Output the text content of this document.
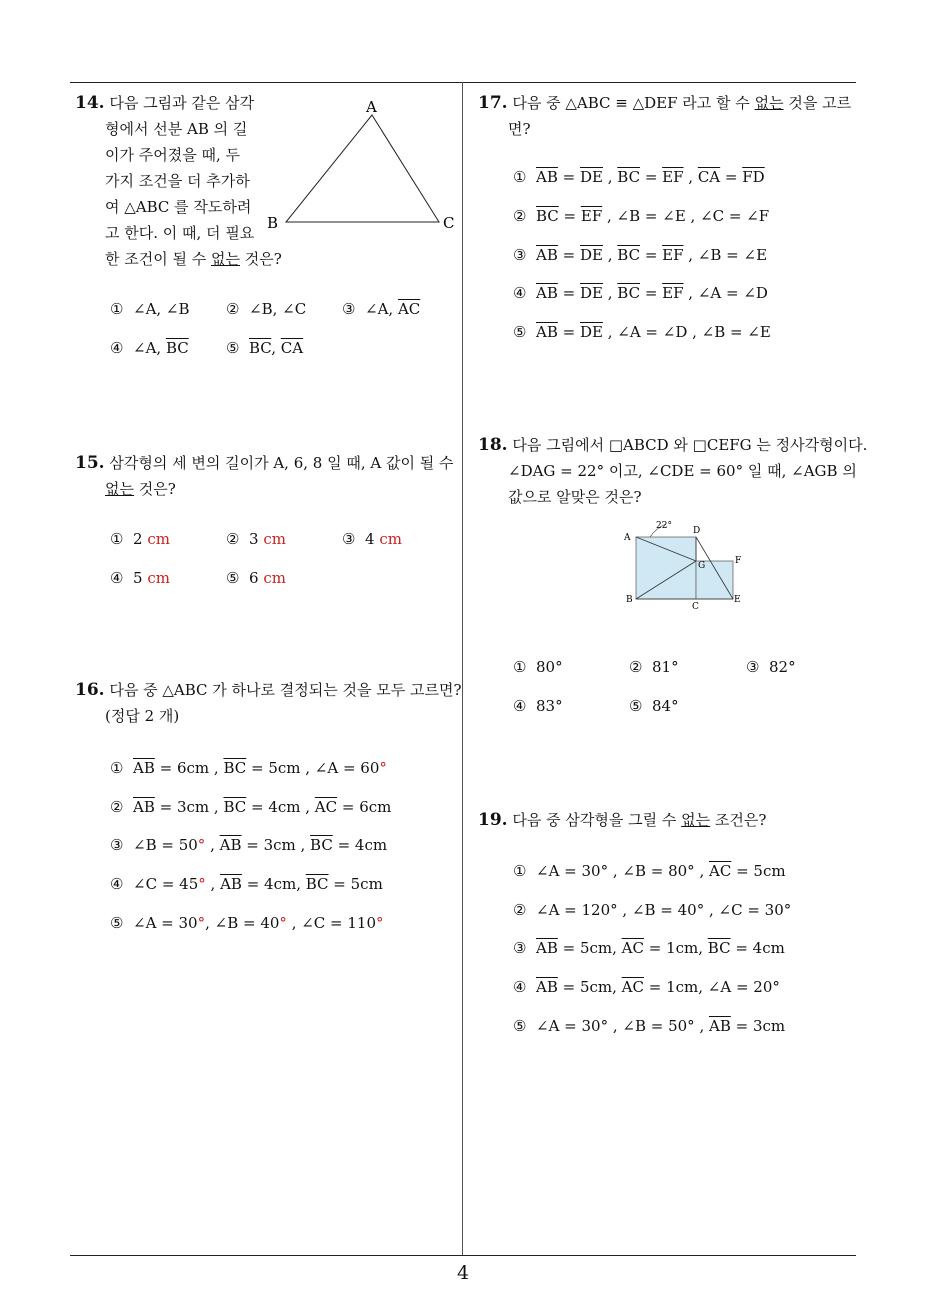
4
14. 다음 그림과 같은 삼각
형에서 선분 AB 의 길
이가 주어졌을 때, 두
가지 조건을 더 추가하
여 △ABC 를 작도하려
고 한다. 이 때, 더 필요
한 조건이 될 수 없는 것은?
A
B	C
① ∠A, ∠B ② ∠B, ∠C ③ ∠A, $\overline{AC}$
④ ∠A, $\overline{BC}$ ⑤ $\overline{BC}$, $\overline{CA}$
15. 삼각형의 세 변의 길이가 A, 6, 8 일 때, A 값이 될 수
없는 것은?
① 2 cm	② 3 cm	③ 4 cm
④ 5 cm	⑤ 6 cm
16. 다음 중 △ABC 가 하나로 결정되는 것을 모두 고르면?
(정답 2 개)
① $\overline{AB} = 6cm$ , $\overline{BC} = 5cm$ , ∠A = 60°
② $\overline{AB} = 3cm$ , $\overline{BC} = 4cm$ , $\overline{AC} = 6cm$
③ ∠B = 50° , $\overline{AB} = 3cm$ , $\overline{BC} = 4cm$
④ ∠C = 45° , $\overline{AB} = 4cm$, $\overline{BC} = 5cm$
⑤ ∠A = 30°, ∠B = 40° , ∠C = 110°
17. 다음 중 △ABC ≡ △DEF 라고 할 수 없는 것을 고르
면?
① $\overline{AB} = \overline{DE}$ , $\overline{BC} = \overline{EF}$ , $\overline{CA} = \overline{FD}$
② $\overline{BC} = \overline{EF}$ , ∠B = ∠E , ∠C = ∠F
③ $\overline{AB} = \overline{DE}$ , $\overline{BC} = \overline{EF}$ , ∠B = ∠E
④ $\overline{AB} = \overline{DE}$ , $\overline{BC} = \overline{EF}$ , ∠A = ∠D
⑤ $\overline{AB} = \overline{DE}$ , ∠A = ∠D , ∠B = ∠E
18. 다음 그림에서 □ABCD 와 □CEFG 는 정사각형이다.
∠DAG = 22° 이고, ∠CDE = 60° 일 때, ∠AGB 의
값으로 알맞은 것은?
22°
A
D
G	F
B
C
E
① 80°	② 81°	③ 82°
④ 83°	⑤ 84°
19. 다음 중 삼각형을 그릴 수 없는 조건은?
① ∠A = 30° , ∠B = 80° , $\overline{AC} = 5cm$
② ∠A = 120° , ∠B = 40° , ∠C = 30°
③ $\overline{AB} = 5cm$, $\overline{AC} = 1cm$, $\overline{BC} = 4cm$
④ $\overline{AB} = 5cm$, $\overline{AC} = 1cm$, ∠A = 20°
⑤ ∠A = 30° , ∠B = 50° , $\overline{AB} = 3cm$
